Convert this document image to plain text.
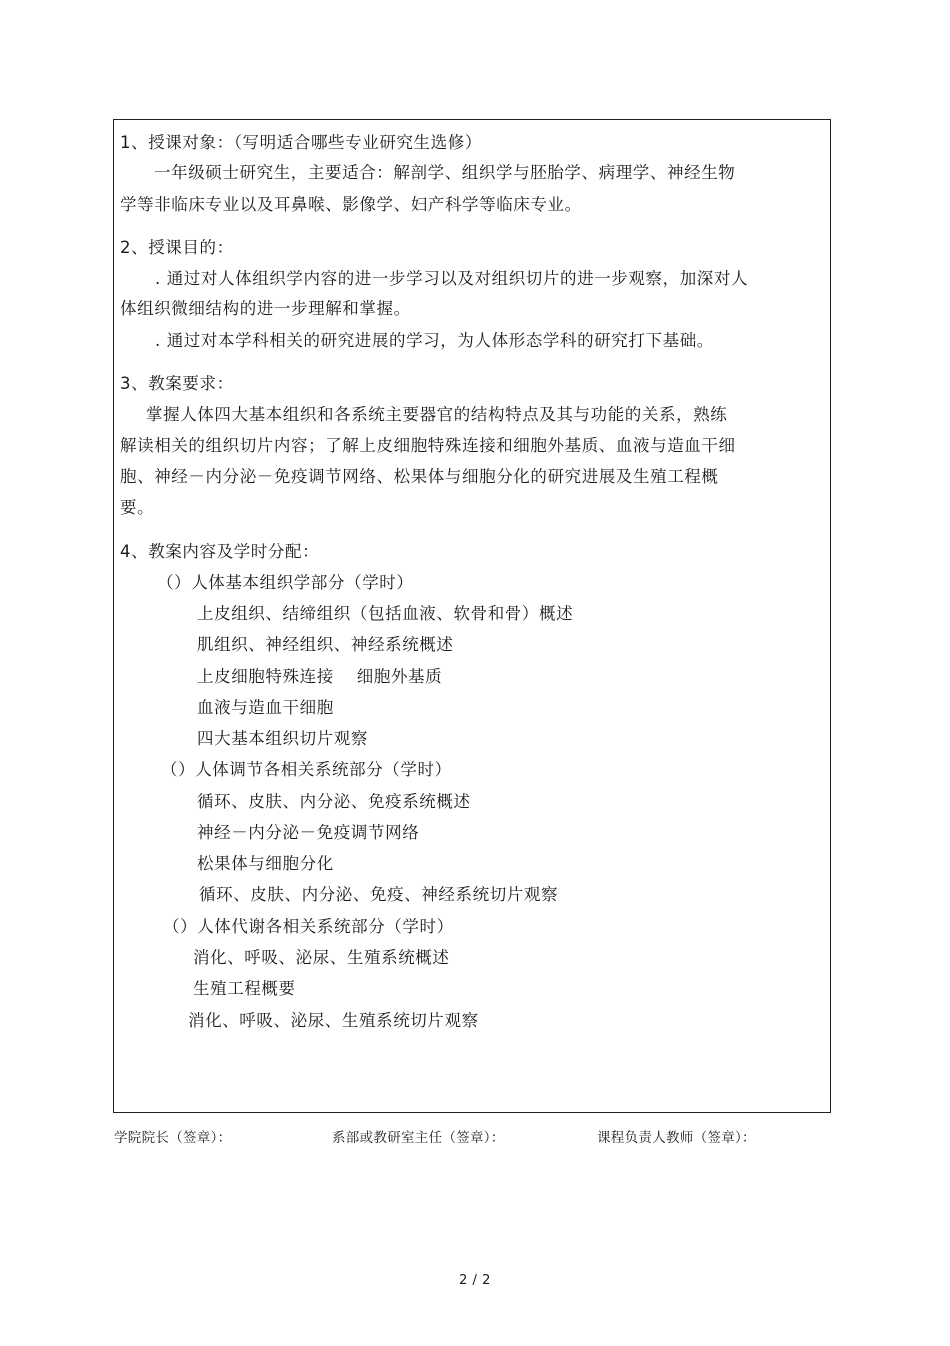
1、授课对象：（写明适合哪些专业研究生选修）
一年级硕士研究生，主要适合：解剖学、组织学与胚胎学、病理学、神经生物
学等非临床专业以及耳鼻喉、影像学、妇产科学等临床专业。
2、授课目的：
. 通过对人体组织学内容的进一步学习以及对组织切片的进一步观察，加深对人
体组织微细结构的进一步理解和掌握。
. 通过对本学科相关的研究进展的学习，为人体形态学科的研究打下基础。
3、教案要求：
掌握人体四大基本组织和各系统主要器官的结构特点及其与功能的关系，熟练
解读相关的组织切片内容；了解上皮细胞特殊连接和细胞外基质、血液与造血干细
胞、神经－内分泌－免疫调节网络、松果体与细胞分化的研究进展及生殖工程概
要。
4、教案内容及学时分配：
（）人体基本组织学部分（学时）
上皮组织、结缔组织（包括血液、软骨和骨）概述
肌组织、神经组织、神经系统概述
上皮细胞特殊连接　 细胞外基质
血液与造血干细胞
四大基本组织切片观察
（）人体调节各相关系统部分（学时）
循环、皮肤、内分泌、免疫系统概述
神经－内分泌－免疫调节网络
松果体与细胞分化
循环、皮肤、内分泌、免疫、神经系统切片观察
（）人体代谢各相关系统部分（学时）
消化、呼吸、泌尿、生殖系统概述
生殖工程概要
消化、呼吸、泌尿、生殖系统切片观察
学院院长（签章）：	系部或教研室主任（签章）：	课程负责人教师（签章）：
2 / 2
